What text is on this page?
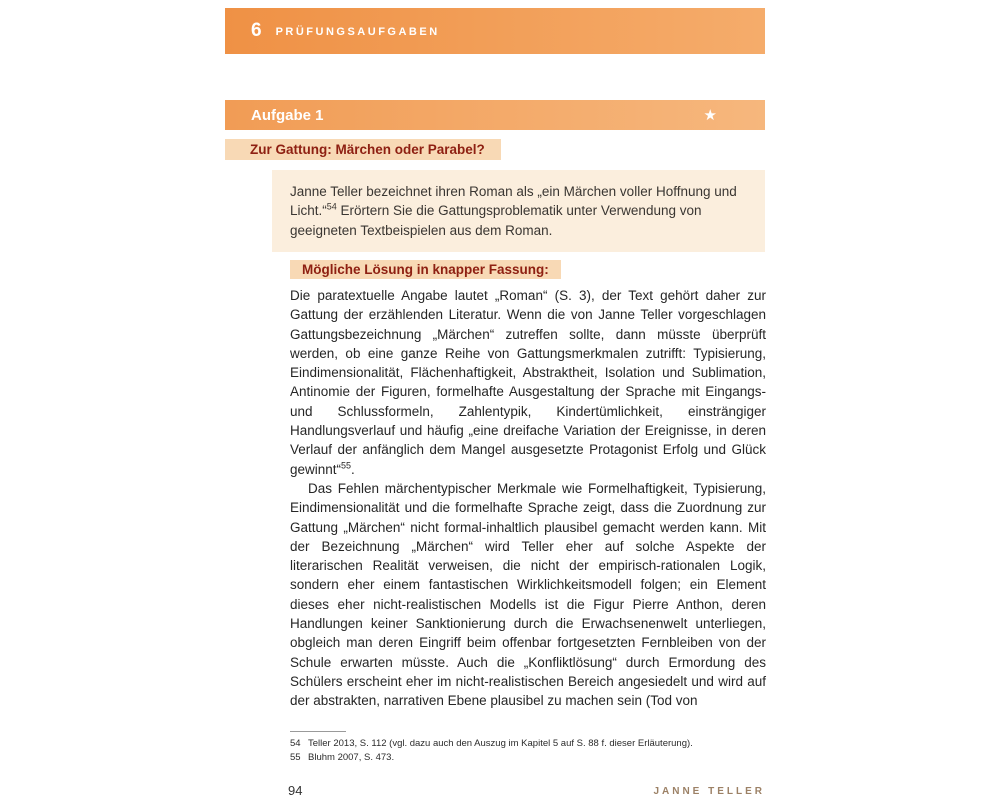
6 PRÜFUNGSAUFGABEN
Aufgabe 1	★
Zur Gattung: Märchen oder Parabel?
Janne Teller bezeichnet ihren Roman als „ein Märchen voller Hoffnung und Licht.“$^{54}$ Erörtern Sie die Gattungsproblematik unter Verwendung von geeigneten Textbeispielen aus dem Roman.
Mögliche Lösung in knapper Fassung:

Die paratextuelle Angabe lautet „Roman“ (S. 3), der Text gehört daher zur Gattung der erzählenden Literatur. Wenn die von Janne Teller vorgeschlagen Gattungsbezeichnung „Märchen“ zutreffen sollte, dann müsste überprüft werden, ob eine ganze Reihe von Gattungsmerkmalen zutrifft: Typisierung, Eindimensionalität, Flächenhaftigkeit, Abstraktheit, Isolation und Sublimation, Antinomie der Figuren, formelhafte Ausgestaltung der Sprache mit Eingangs- und Schlussformeln, Zahlentypik, Kindertümlichkeit, einsträngiger Handlungsverlauf und häufig „eine dreifache Variation der Ereignisse, in deren Verlauf der anfänglich dem Mangel ausgesetzte Protagonist Erfolg und Glück gewinnt“$^{55}$.

Das Fehlen märchentypischer Merkmale wie Formelhaftigkeit, Typisierung, Eindimensionalität und die formelhafte Sprache zeigt, dass die Zuordnung zur Gattung „Märchen“ nicht formal-inhaltlich plausibel gemacht werden kann. Mit der Bezeichnung „Märchen“ wird Teller eher auf solche Aspekte der literarischen Realität verweisen, die nicht der empirisch-rationalen Logik, sondern eher einem fantastischen Wirklichkeitsmodell folgen; ein Element dieses eher nicht-realistischen Modells ist die Figur Pierre Anthon, deren Handlungen keiner Sanktionierung durch die Erwachsenenwelt unterliegen, obgleich man deren Eingriff beim offenbar fortgesetzten Fernbleiben von der Schule erwarten müsste. Auch die „Konfliktlösung“ durch Ermordung des Schülers erscheint eher im nicht-realistischen Bereich angesiedelt und wird auf der abstrakten, narrativen Ebene plausibel zu machen sein (Tod von

54 Teller 2013, S. 112 (vgl. dazu auch den Auszug im Kapitel 5 auf S. 88 f. dieser Erläuterung).
55 Bluhm 2007, S. 473.
94	JANNE TELLER
